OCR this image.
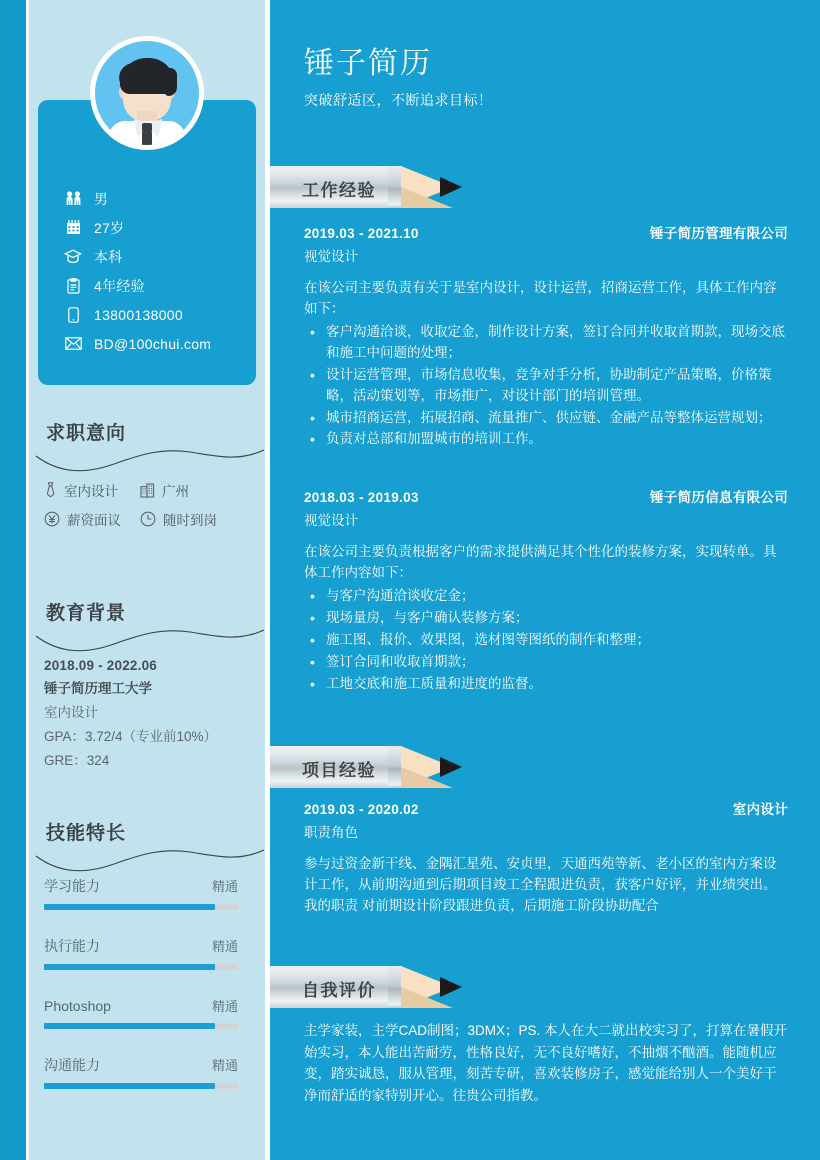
男
27岁
本科
4年经验
13800138000
BD@100chui.com
求职意向
室内设计	广州
薪资面议	随时到岗
教育背景
2018.09 - 2022.06
锤子简历理工大学
室内设计
GPA：3.72/4（专业前10%）
GRE：324
技能特长
学习能力	精通
执行能力	精通
Photoshop	精通
沟通能力	精通
锤子简历
突破舒适区，不断追求目标！
工作经验
2019.03 - 2021.10	锤子简历管理有限公司
视觉设计
在该公司主要负责有关于是室内设计，设计运营，招商运营工作，具体工作内容如下：
• 客户沟通洽谈，收取定金，制作设计方案，签订合同并收取首期款，现场交底和施工中问题的处理；
• 设计运营管理，市场信息收集，竞争对手分析，协助制定产品策略，价格策略，活动策划等，市场推广，对设计部门的培训管理。
• 城市招商运营，拓展招商、流量推广、供应链、金融产品等整体运营规划；
• 负责对总部和加盟城市的培训工作。
2018.03 - 2019.03	锤子简历信息有限公司
视觉设计
在该公司主要负责根据客户的需求提供满足其个性化的装修方案，实现转单。具体工作内容如下：
• 与客户沟通洽谈收定金；
• 现场量房，与客户确认装修方案；
• 施工图、报价、效果图，选材图等图纸的制作和整理；
• 签订合同和收取首期款；
• 工地交底和施工质量和进度的监督。
项目经验
2019.03 - 2020.02	室内设计
职责角色
参与过资金新干线、金隅汇星苑、安贞里，天通西苑等新、老小区的室内方案设计工作，从前期沟通到后期项目竣工全程跟进负责，获客户好评，并业绩突出。 我的职责 对前期设计阶段跟进负责，后期施工阶段协助配合
自我评价
主学家装，主学CAD制图；3DMX；PS. 本人在大二就出校实习了，打算在暑假开始实习，本人能出苦耐劳，性格良好，无不良好嗜好，不抽烟不酗酒。能随机应变，踏实诚恳，服从管理，刻苦专研，喜欢装修房子，感觉能给别人一个美好干净而舒适的家特别开心。往贵公司指教。
